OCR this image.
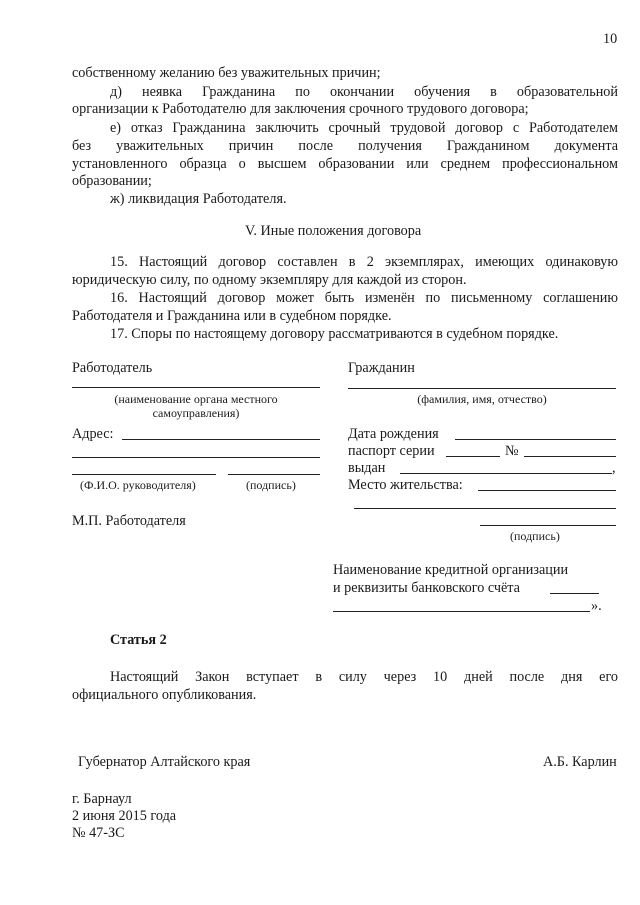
10
собственному желанию без уважительных причин;
д) неявка Гражданина по окончании обучения в образовательной
организации к Работодателю для заключения срочного трудового договора;
е) отказ Гражданина заключить срочный трудовой договор с Работодателем
без уважительных причин после получения Гражданином документа
установленного образца о высшем образовании или среднем профессиональном
образовании;
ж) ликвидация Работодателя.
V. Иные положения договора
15. Настоящий договор составлен в 2 экземплярах, имеющих одинаковую
юридическую силу, по одному экземпляру для каждой из сторон.
16. Настоящий договор может быть изменён по письменному соглашению
Работодателя и Гражданина или в судебном порядке.
17. Споры по настоящему договору рассматриваются в судебном порядке.
Работодатель
(наименование органа местного
самоуправления)
Адрес:
(Ф.И.О. руководителя)	(подпись)
М.П. Работодателя
Гражданин
(фамилия, имя, отчество)
Дата рождения
паспорт серии	№
выдан	,
Место жительства:
(подпись)
Наименование кредитной организации
и реквизиты банковского счёта
».
Статья 2
Настоящий Закон вступает в силу через 10 дней после дня его
официального опубликования.
Губернатор Алтайского края	А.Б. Карлин
г. Барнаул
2 июня 2015 года
№ 47-ЗС
